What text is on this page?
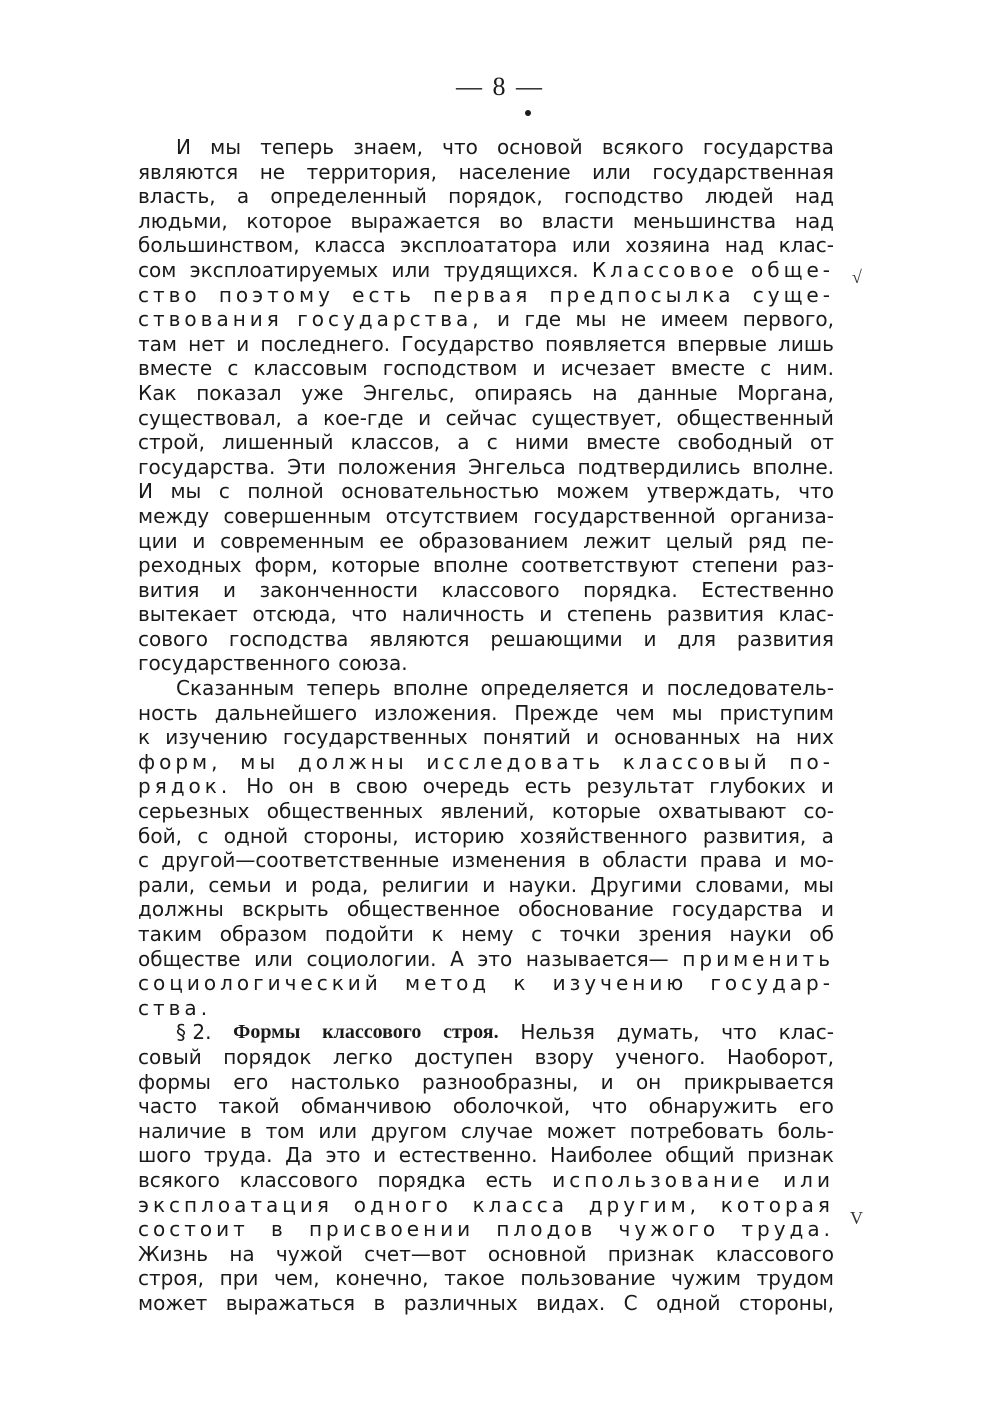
— 8 —
√
V
И мы теперь знаем, что основой всякого государства
являются не территория, население или государственная
власть, а определенный порядок, господство людей над
людьми, которое выражается во власти меньшинства над
большинством, класса эксплоататора или хозяина над клас-
сом эксплоатируемых или трудящихся. Классовое обще-
ство поэтому есть первая предпосылка суще-
ствования государства, и где мы не имеем первого,
там нет и последнего. Государство появляется впервые лишь
вместе с классовым господством и исчезает вместе с ним.
Как показал уже Энгельс, опираясь на данные Моргана,
существовал, а кое-где и сейчас существует, общественный
строй, лишенный классов, а с ними вместе свободный от
государства. Эти положения Энгельса подтвердились вполне.
И мы с полной основательностью можем утверждать, что
между совершенным отсутствием государственной организа-
ции и современным ее образованием лежит целый ряд пе-
реходных форм, которые вполне соответствуют степени раз-
вития и законченности классового порядка. Естественно
вытекает отсюда, что наличность и степень развития клас-
сового господства являются решающими и для развития
государственного союза.
Сказанным теперь вполне определяется и последователь-
ность дальнейшего изложения. Прежде чем мы приступим
к изучению государственных понятий и основанных на них
форм, мы должны исследовать классовый по-
рядок. Но он в свою очередь есть результат глубоких и
серьезных общественных явлений, которые охватывают со-
бой, с одной стороны, историю хозяйственного развития, а
с другой—соответственные изменения в области права и мо-
рали, семьи и рода, религии и науки. Другими словами, мы
должны вскрыть общественное обоснование государства и
таким образом подойти к нему с точки зрения науки об
обществе или социологии. А это называется— применить
социологический метод к изучению государ-
ства.
§ 2. Формы классового строя. Нельзя думать, что клас-
совый порядок легко доступен взору ученого. Наоборот,
формы его настолько разнообразны, и он прикрывается
часто такой обманчивою оболочкой, что обнаружить его
наличие в том или другом случае может потребовать боль-
шого труда. Да это и естественно. Наиболее общий признак
всякого классового порядка есть использование или
эксплоатация одного класса другим, которая
состоит в присвоении плодов чужого труда.
Жизнь на чужой счет—вот основной признак классового
строя, при чем, конечно, такое пользование чужим трудом
может выражаться в различных видах. С одной стороны,
